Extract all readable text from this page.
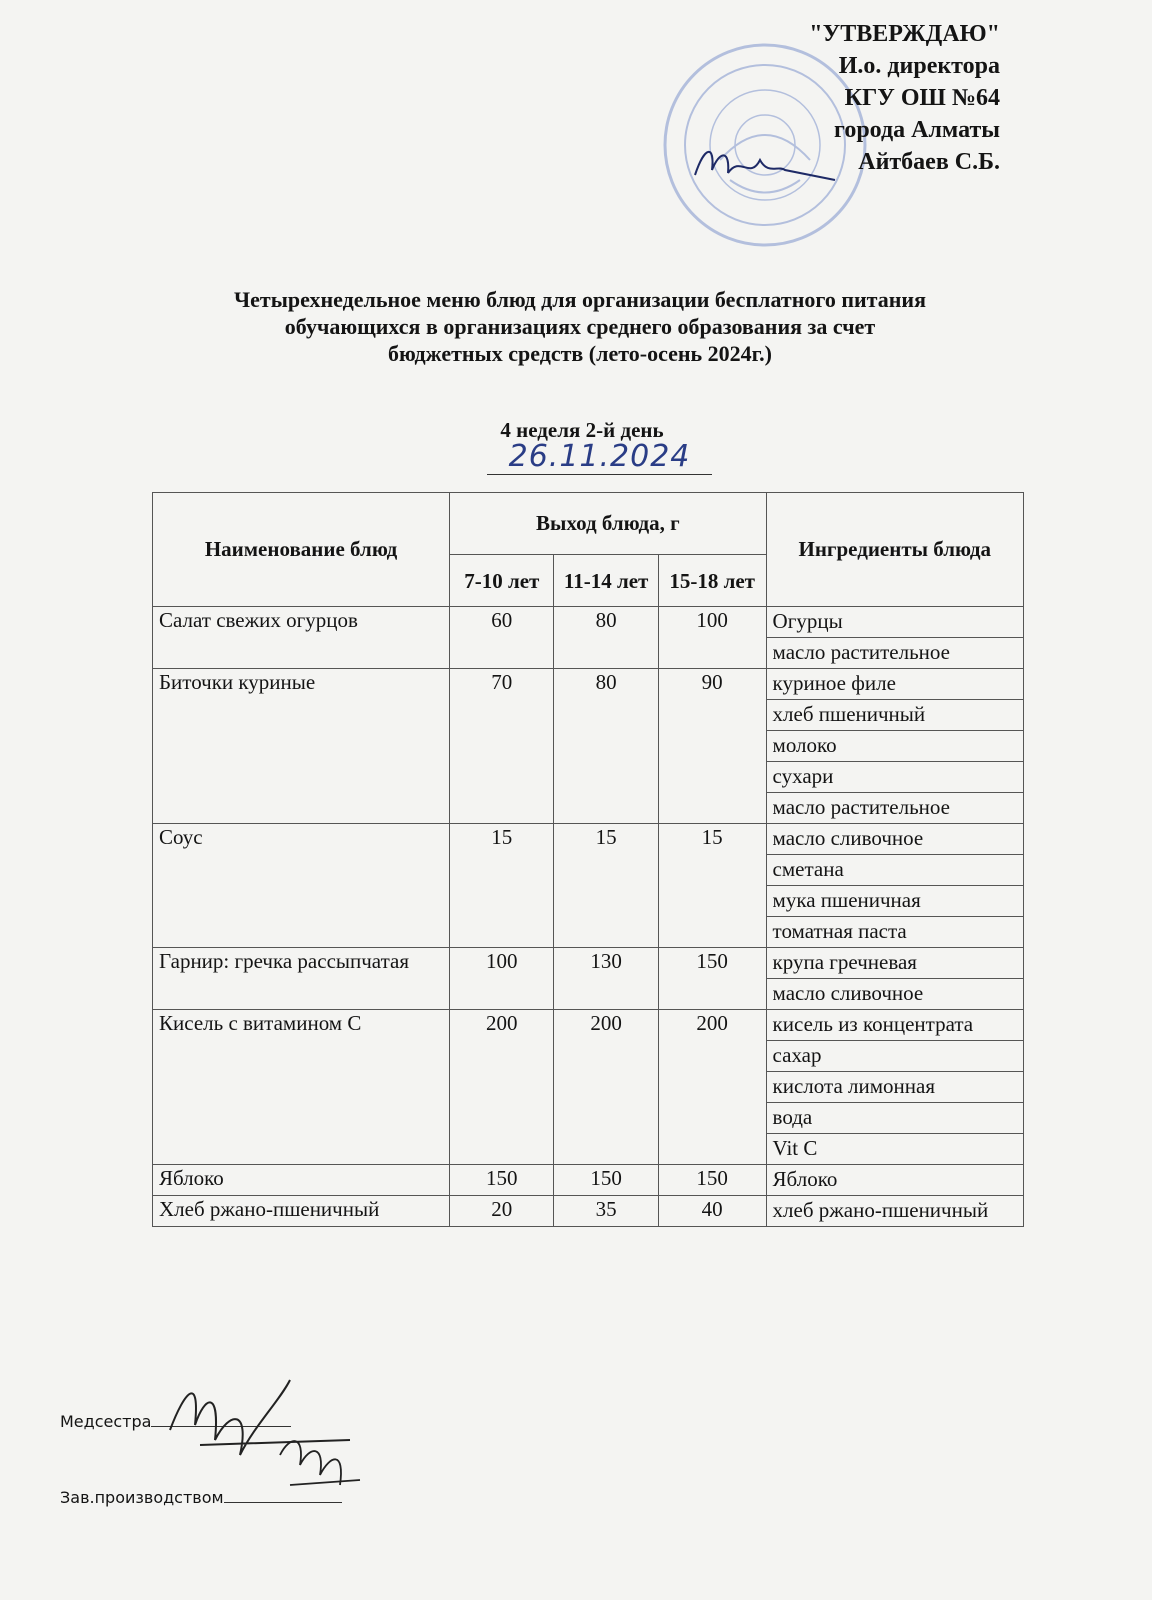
"УТВЕРЖДАЮ"
И.о. директора
КГУ ОШ №64
города Алматы
Айтбаев С.Б.
Четырехнедельное меню блюд для организации бесплатного питания
обучающихся в организациях среднего образования за счет
бюджетных средств (лето-осень 2024г.)
4 неделя 2-й день
26.11.2024
Наименование блюд	Выход блюда, г			Ингредиенты блюда
	7-10 лет	11-14 лет	15-18 лет	
Салат свежих огурцов	60	80	100	Огурцы
				масло растительное
Биточки куриные	70	80	90	куриное филе
				хлеб пшеничный
				молоко
				сухари
				масло растительное
Соус	15	15	15	масло сливочное
				сметана
				мука пшеничная
				томатная паста
Гарнир: гречка рассыпчатая	100	130	150	крупа гречневая
				масло сливочное
Кисель с витамином С	200	200	200	кисель из концентрата
				сахар
				кислота лимонная
				вода
				Vit C
Яблоко	150	150	150	Яблоко
Хлеб ржано-пшеничный	20	35	40	хлеб ржано-пшеничный
Медсестра
Зав.производством
